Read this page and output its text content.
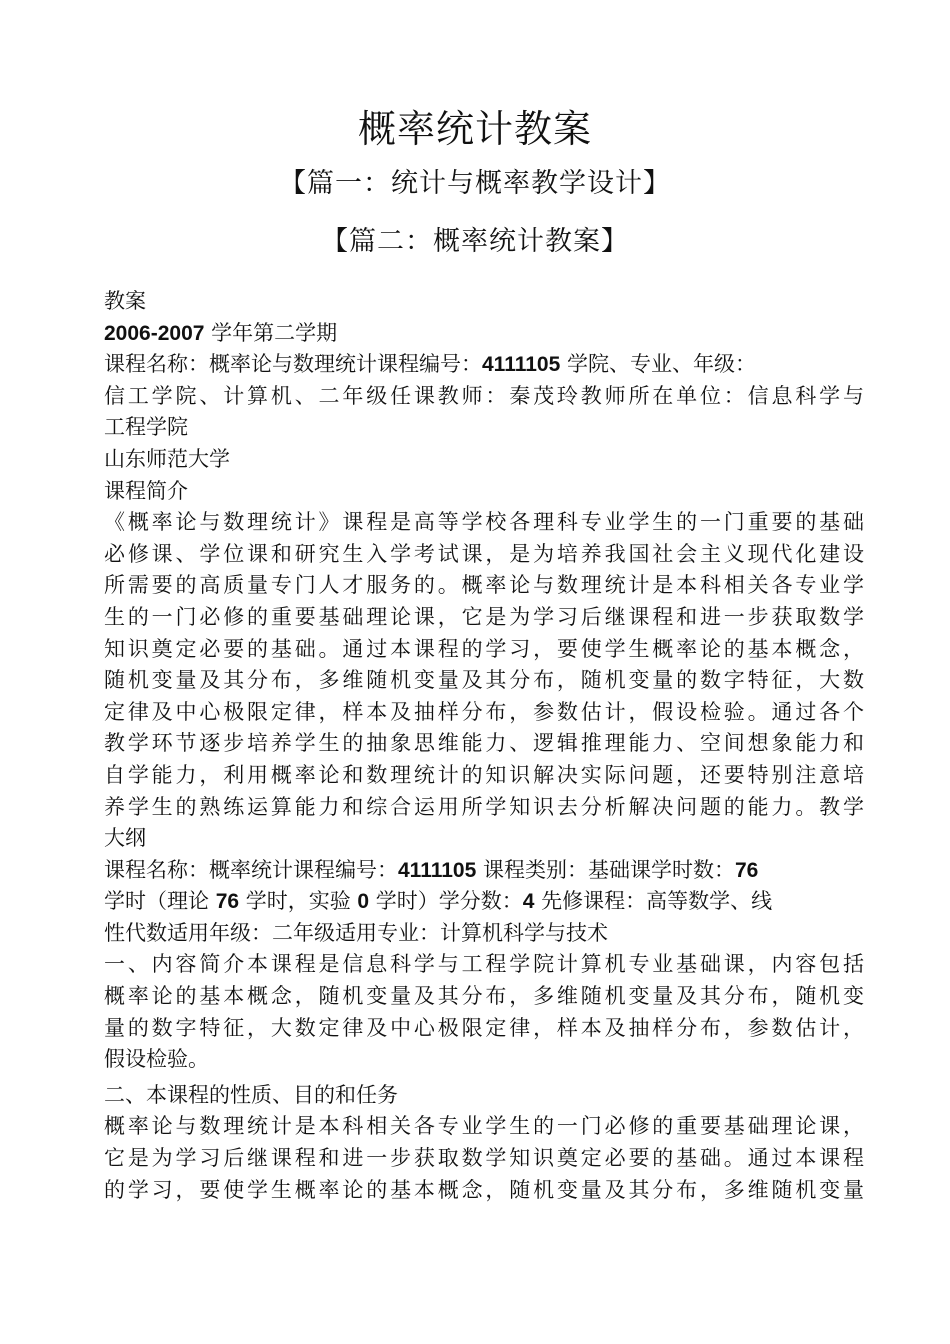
概率统计教案
【篇一：统计与概率教学设计】
【篇二：概率统计教案】

教案

2006-2007 学年第二学期

课程名称：概率论与数理统计课程编号：4111105 学院、专业、年级：

信工学院、计算机、二年级任课教师：秦茂玲教师所在单位：信息科学与

工程学院

山东师范大学

课程简介

《概率论与数理统计》课程是高等学校各理科专业学生的一门重要的基础

必修课、学位课和研究生入学考试课，是为培养我国社会主义现代化建设

所需要的高质量专门人才服务的。概率论与数理统计是本科相关各专业学

生的一门必修的重要基础理论课，它是为学习后继课程和进一步获取数学

知识奠定必要的基础。通过本课程的学习，要使学生概率论的基本概念，

随机变量及其分布，多维随机变量及其分布，随机变量的数字特征，大数

定律及中心极限定律，样本及抽样分布，参数估计，假设检验。通过各个

教学环节逐步培养学生的抽象思维能力、逻辑推理能力、空间想象能力和

自学能力，利用概率论和数理统计的知识解决实际问题，还要特别注意培

养学生的熟练运算能力和综合运用所学知识去分析解决问题的能力。教学

大纲

课程名称：概率统计课程编号：4111105 课程类别：基础课学时数：76

学时（理论 76 学时，实验 0 学时）学分数：4 先修课程：高等数学、线

性代数适用年级：二年级适用专业：计算机科学与技术

一、内容简介本课程是信息科学与工程学院计算机专业基础课，内容包括

概率论的基本概念，随机变量及其分布，多维随机变量及其分布，随机变

量的数字特征，大数定律及中心极限定律，样本及抽样分布，参数估计，

假设检验。

二、本课程的性质、目的和任务

概率论与数理统计是本科相关各专业学生的一门必修的重要基础理论课，

它是为学习后继课程和进一步获取数学知识奠定必要的基础。通过本课程

的学习，要使学生概率论的基本概念，随机变量及其分布，多维随机变量
